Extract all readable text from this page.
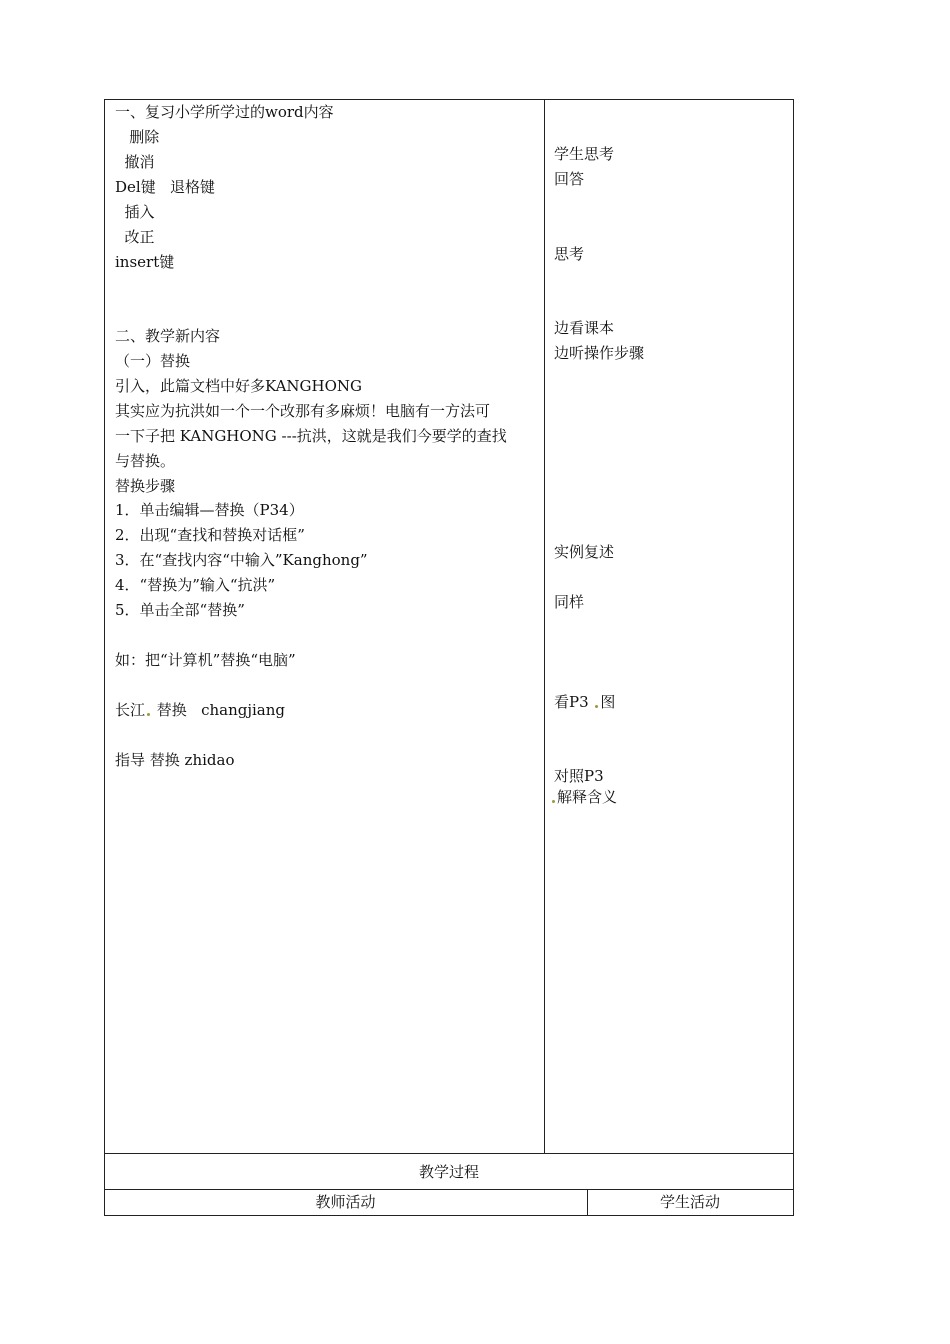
一、复习小学所学过的word内容
删除
撤消
Del键   退格键
插入
改正
insert键
二、教学新内容
（一）替换
引入，此篇文档中好多KANGHONG
其实应为抗洪如一个一个改那有多麻烦！电脑有一方法可
一下子把 KANGHONG ---抗洪，这就是我们今要学的查找
与替换。
替换步骤
1．单击编辑—替换（P34）
2．出现“查找和替换对话框”
3．在“查找内容“中输入”Kanghong”
4．“替换为”输入“抗洪”
5．单击全部“替换”
如：把“计算机”替换“电脑”
长江 替换   changjiang
指导 替换 zhidao
学生思考
回答
思考
边看课本
边听操作步骤
实例复述
同样
看P3 图
对照P3
解释含义
教学过程
教师活动	学生活动
